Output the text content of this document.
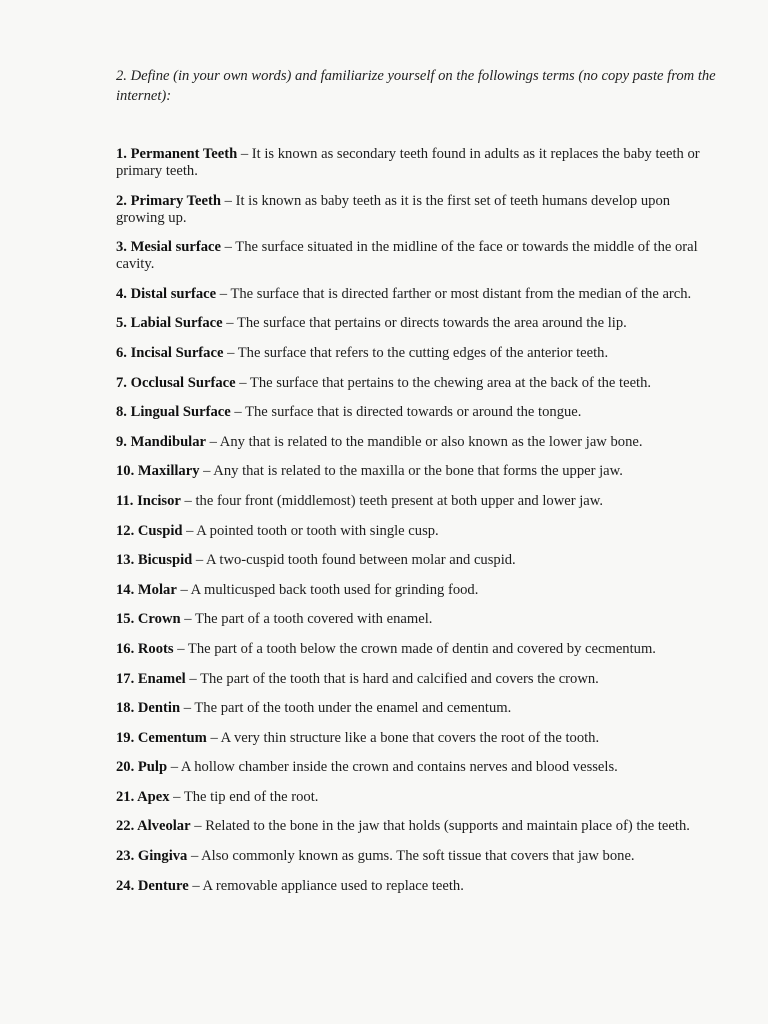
2. Define (in your own words) and familiarize yourself on the followings terms (no copy paste from the internet):
1. Permanent Teeth – It is known as secondary teeth found in adults as it replaces the baby teeth or primary teeth.
2. Primary Teeth – It is known as baby teeth as it is the first set of teeth humans develop upon growing up.
3. Mesial surface – The surface situated in the midline of the face or towards the middle of the oral cavity.
4. Distal surface – The surface that is directed farther or most distant from the median of the arch.
5. Labial Surface – The surface that pertains or directs towards the area around the lip.
6. Incisal Surface – The surface that refers to the cutting edges of the anterior teeth.
7. Occlusal Surface – The surface that pertains to the chewing area at the back of the teeth.
8. Lingual Surface – The surface that is directed towards or around the tongue.
9. Mandibular – Any that is related to the mandible or also known as the lower jaw bone.
10. Maxillary – Any that is related to the maxilla or the bone that forms the upper jaw.
11. Incisor – the four front (middlemost) teeth present at both upper and lower jaw.
12. Cuspid – A pointed tooth or tooth with single cusp.
13. Bicuspid – A two-cuspid tooth found between molar and cuspid.
14. Molar – A multicusped back tooth used for grinding food.
15. Crown – The part of a tooth covered with enamel.
16. Roots – The part of a tooth below the crown made of dentin and covered by cecmentum.
17. Enamel – The part of the tooth that is hard and calcified and covers the crown.
18. Dentin – The part of the tooth under the enamel and cementum.
19. Cementum – A very thin structure like a bone that covers the root of the tooth.
20. Pulp – A hollow chamber inside the crown and contains nerves and blood vessels.
21. Apex – The tip end of the root.
22. Alveolar – Related to the bone in the jaw that holds (supports and maintain place of) the teeth.
23. Gingiva – Also commonly known as gums. The soft tissue that covers that jaw bone.
24. Denture – A removable appliance used to replace teeth.
